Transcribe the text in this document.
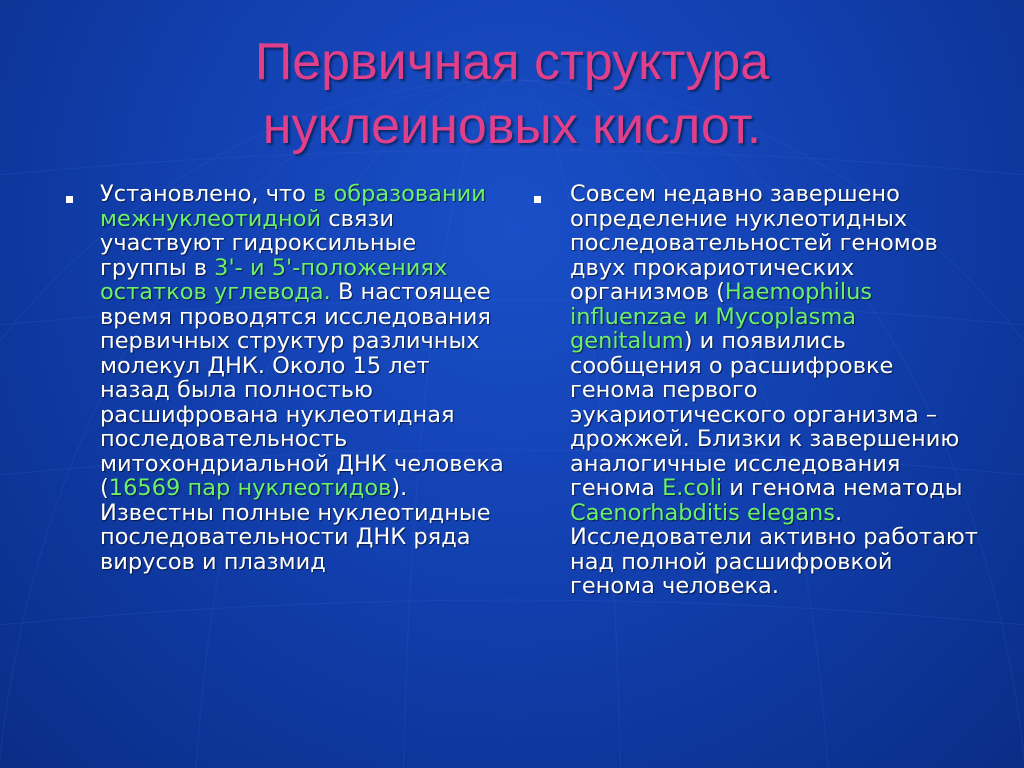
Первичная структура
нуклеиновых кислот.
Установлено, что в образовании межнуклеотидной связи участвуют гидроксильные группы в 3'- и 5'-положениях остатков углевода. В настоящее время проводятся исследования первичных структур различных молекул ДНК. Около 15 лет назад была полностью расшифрована нуклеотидная последовательность митохондриальной ДНК человека (16569 пар нуклеотидов). Известны полные нуклеотидные последовательности ДНК ряда вирусов и плазмид
Совсем недавно завершено определение нуклеотидных последовательностей геномов двух прокариотических организмов (Haemophilus influenzae и Mycoplasma genitalum) и появились сообщения о расшифровке генома первого эукариотического организма – дрожжей. Близки к завершению аналогичные исследования генома E.coli и генома нематоды Caenorhabditis elegans. Исследователи активно работают над полной расшифровкой генома человека.
